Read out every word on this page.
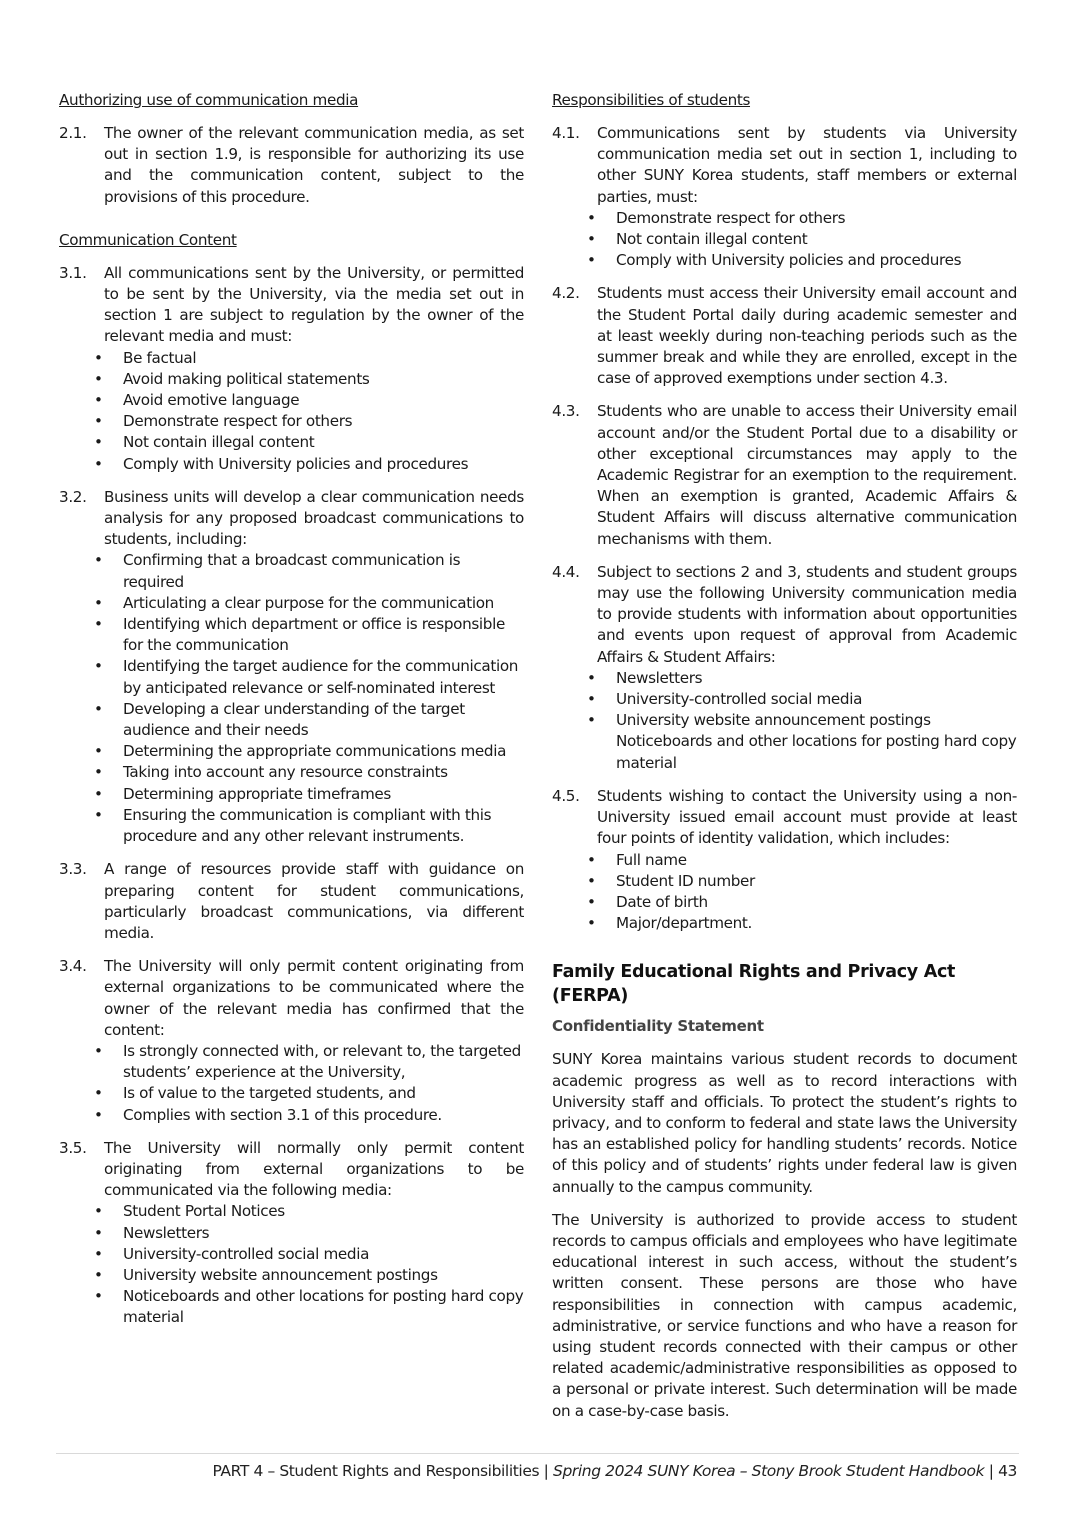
Authorizing use of communication media
2.1.	The owner of the relevant communication media, as set out in section 1.9, is responsible for authorizing its use and the communication content, subject to the provisions of this procedure.
Communication Content
3.1.	All communications sent by the University, or permitted to be sent by the University, via the media set out in section 1 are subject to regulation by the owner of the relevant media and must:
•	Be factual
•	Avoid making political statements
•	Avoid emotive language
•	Demonstrate respect for others
•	Not contain illegal content
•	Comply with University policies and procedures
3.2.	Business units will develop a clear communication needs analysis for any proposed broadcast communications to students, including:
•	Confirming that a broadcast communication is required
•	Articulating a clear purpose for the communication
•	Identifying which department or office is responsible for the communication
•	Identifying the target audience for the communication by anticipated relevance or self-nominated interest
•	Developing a clear understanding of the target audience and their needs
•	Determining the appropriate communications media
•	Taking into account any resource constraints
•	Determining appropriate timeframes
•	Ensuring the communication is compliant with this procedure and any other relevant instruments.
3.3.	A range of resources provide staff with guidance on preparing content for student communications, particularly broadcast communications, via different media.
3.4.	The University will only permit content originating from external organizations to be communicated where the owner of the relevant media has confirmed that the content:
•	Is strongly connected with, or relevant to, the targeted students’ experience at the University,
•	Is of value to the targeted students, and
•	Complies with section 3.1 of this procedure.
3.5.	The University will normally only permit content originating from external organizations to be communicated via the following media:
•	Student Portal Notices
•	Newsletters
•	University-controlled social media
•	University website announcement postings
•	Noticeboards and other locations for posting hard copy material
Responsibilities of students
4.1.	Communications sent by students via University communication media set out in section 1, including to other SUNY Korea students, staff members or external parties, must:
•	Demonstrate respect for others
•	Not contain illegal content
•	Comply with University policies and procedures
4.2.	Students must access their University email account and the Student Portal daily during academic semester and at least weekly during non-teaching periods such as the summer break and while they are enrolled, except in the case of approved exemptions under section 4.3.
4.3.	Students who are unable to access their University email account and/or the Student Portal due to a disability or other exceptional circumstances may apply to the Academic Registrar for an exemption to the requirement. When an exemption is granted, Academic Affairs & Student Affairs will discuss alternative communication mechanisms with them.
4.4.	Subject to sections 2 and 3, students and student groups may use the following University communication media to provide students with information about opportunities and events upon request of approval from Academic Affairs & Student Affairs:
•	Newsletters
•	University-controlled social media
•	University website announcement postings
Noticeboards and other locations for posting hard copy material
4.5.	Students wishing to contact the University using a non-University issued email account must provide at least four points of identity validation, which includes:
•	Full name
•	Student ID number
•	Date of birth
•	Major/department.
Family Educational Rights and Privacy Act (FERPA)
Confidentiality Statement

SUNY Korea maintains various student records to document academic progress as well as to record interactions with University staff and officials. To protect the student’s rights to privacy, and to conform to federal and state laws the University has an established policy for handling students’ records. Notice of this policy and of students’ rights under federal law is given annually to the campus community.

The University is authorized to provide access to student records to campus officials and employees who have legitimate educational interest in such access, without the student’s written consent. These persons are those who have responsibilities in connection with campus academic, administrative, or service functions and who have a reason for using student records connected with their campus or other related academic/administrative responsibilities as opposed to a personal or private interest. Such determination will be made on a case-by-case basis.

PART 4 – Student Rights and Responsibilities | Spring 2024 SUNY Korea – Stony Brook Student Handbook | 43
